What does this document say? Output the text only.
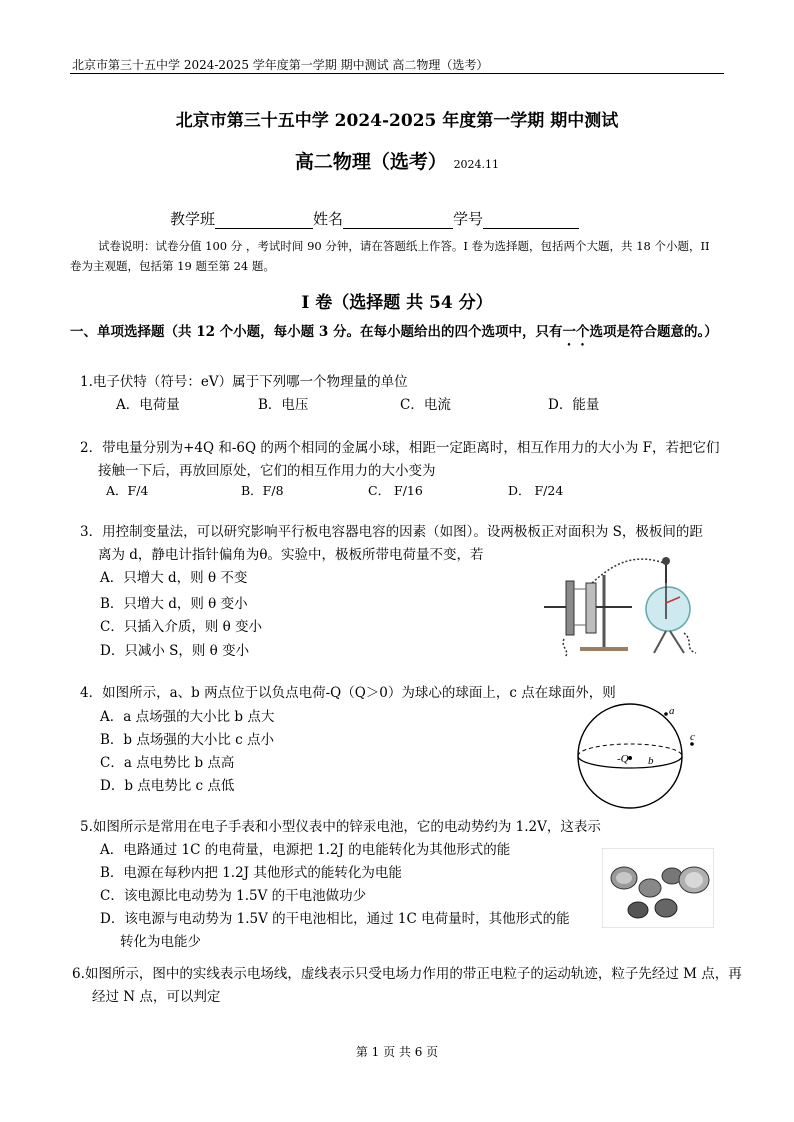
北京市第三十五中学 2024-2025 学年度第一学期 期中测试 高二物理（选考）
北京市第三十五中学 2024-2025 年度第一学期 期中测试
高二物理（选考） 2024.11
教学班	姓名	学号
试卷说明：试卷分值 100 分 ，考试时间 90 分钟，请在答题纸上作答。I 卷为选择题，包括两个大题，共 18 个小题，II
卷为主观题，包括第 19 题至第 24 题。
I 卷（选择题 共 54 分）
一、单项选择题（共 12 个小题，每小题 3 分。在每小题给出的四个选项中，只有一个选项是符合题意的。）
1.电子伏特（符号：eV）属于下列哪一个物理量的单位
A．电荷量	B．电压	C．电流	D．能量
2．带电量分别为+4Q 和-6Q 的两个相同的金属小球，相距一定距离时，相互作用力的大小为 F，若把它们
接触一下后，再放回原处，它们的相互作用力的大小变为
A．F/4	B．F/8	C． F/16	D． F/24
3．用控制变量法，可以研究影响平行板电容器电容的因素（如图）。设两极板正对面积为 S，极板间的距
离为 d，静电计指针偏角为θ。实验中，极板所带电荷量不变，若
A．只增大 d，则 θ 不变
B．只增大 d，则 θ 变小
C．只插入介质，则 θ 变小
D．只减小 S，则 θ 变小
4．如图所示，a、b 两点位于以负点电荷-Q（Q＞0）为球心的球面上，c 点在球面外，则
A．a 点场强的大小比 b 点大
B．b 点场强的大小比 c 点小
C．a 点电势比 b 点高
D．b 点电势比 c 点低
-Q
a
b
c
5.如图所示是常用在电子手表和小型仪表中的锌汞电池，它的电动势约为 1.2V，这表示
A．电路通过 1C 的电荷量，电源把 1.2J 的电能转化为其他形式的能
B．电源在每秒内把 1.2J 其他形式的能转化为电能
C．该电源比电动势为 1.5V 的干电池做功少
D．该电源与电动势为 1.5V 的干电池相比，通过 1C 电荷量时，其他形式的能
转化为电能少
6.如图所示，图中的实线表示电场线，虚线表示只受电场力作用的带正电粒子的运动轨迹，粒子先经过 M 点，再
经过 N 点，可以判定
第 1 页 共 6 页
